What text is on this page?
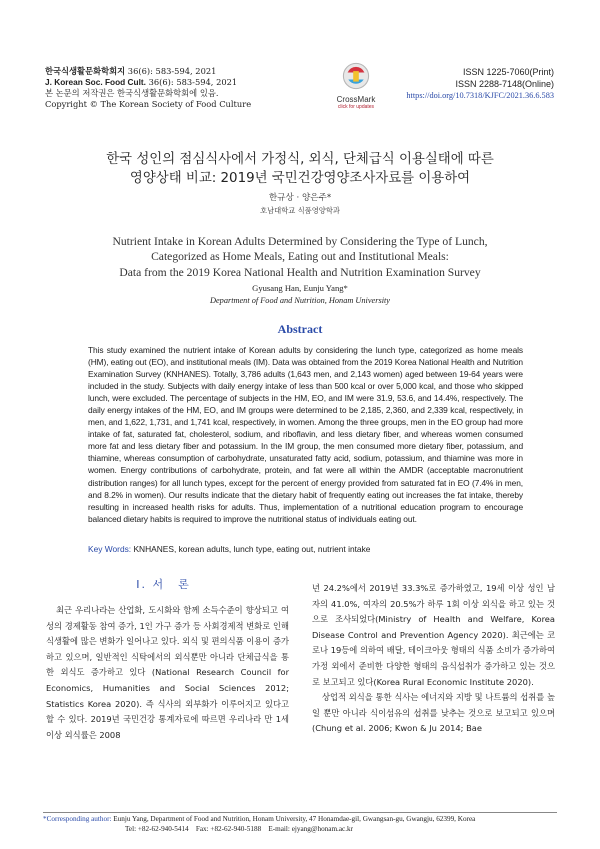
한국식생활문화학회지 36(6): 583-594, 2021
J. Korean Soc. Food Cult. 36(6): 583-594, 2021
본 논문의 저작권은 한국식생활문화학회에 있음.
Copyright © The Korean Society of Food Culture	CrossMark
click for updates
ISSN 1225-7060(Print)
ISSN 2288-7148(Online)
https://doi.org/10.7318/KJFC/2021.36.6.583
한국 성인의 점심식사에서 가정식, 외식, 단체급식 이용실태에 따른
영양상태 비교: 2019년 국민건강영양조사자료를 이용하여
한규상 · 양은주*
호남대학교 식품영양학과
Nutrient Intake in Korean Adults Determined by Considering the Type of Lunch,
Categorized as Home Meals, Eating out and Institutional Meals:
Data from the 2019 Korea National Health and Nutrition Examination Survey
Gyusang Han, Eunju Yang*
Department of Food and Nutrition, Honam University
Abstract
This study examined the nutrient intake of Korean adults by considering the lunch type, categorized as home meals (HM), eating out (EO), and institutional meals (IM). Data was obtained from the 2019 Korea National Health and Nutrition Examination Survey (KNHANES). Totally, 3,786 adults (1,643 men, and 2,143 women) aged between 19-64 years were included in the study. Subjects with daily energy intake of less than 500 kcal or over 5,000 kcal, and those who skipped lunch, were excluded. The percentage of subjects in the HM, EO, and IM were 31.9, 53.6, and 14.4%, respectively. The daily energy intakes of the HM, EO, and IM groups were determined to be 2,185, 2,360, and 2,339 kcal, respectively, in men, and 1,622, 1,731, and 1,741 kcal, respectively, in women. Among the three groups, men in the EO group had more intake of fat, saturated fat, cholesterol, sodium, and riboflavin, and less dietary fiber, and whereas women consumed more fat and less dietary fiber and potassium. In the IM group, the men consumed more dietary fiber, potassium, and thiamine, whereas consumption of carbohydrate, unsaturated fatty acid, sodium, potassium, and thiamine was more in women. Energy contributions of carbohydrate, protein, and fat were all within the AMDR (acceptable macronutrient distribution ranges) for all lunch types, except for the percent of energy provided from saturated fat in EO (7.4% in men, and 8.2% in women). Our results indicate that the dietary habit of frequently eating out increases the fat intake, thereby resulting in increased health risks for adults. Thus, implementation of a nutritional education program to encourage balanced dietary habits is required to improve the nutritional status of individuals eating out.
Key Words: KNHANES, korean adults, lunch type, eating out, nutrient intake
I. 서　론

최근 우리나라는 산업화, 도시화와 함께 소득수준이 향상되고 여성의 경제활동 참여 증가, 1인 가구 증가 등 사회경제적 변화로 인해 식생활에 많은 변화가 일어나고 있다. 외식 및 편의식품 이용이 증가하고 있으며, 일반적인 식탁에서의 외식뿐만 아니라 단체급식을 통한 외식도 증가하고 있다 (National Research Council for Economics, Humanities and Social Sciences 2012; Statistics Korea 2020). 즉 식사의 외부화가 이루어지고 있다고 할 수 있다. 2019년 국민건강 통계자료에 따르면 우리나라 만 1세 이상 외식률은 2008

년 24.2%에서 2019년 33.3%로 증가하였고, 19세 이상 성인 남자의 41.0%, 여자의 20.5%가 하루 1회 이상 외식을 하고 있는 것으로 조사되었다(Ministry of Health and Welfare, Korea Disease Control and Prevention Agency 2020). 최근에는 코로나 19등에 의하여 배달, 테이크아웃 형태의 식품 소비가 증가하여 가정 외에서 준비한 다양한 형태의 음식섭취가 증가하고 있는 것으로 보고되고 있다(Korea Rural Economic Institute 2020).

상업적 외식을 통한 식사는 에너지와 지방 및 나트륨의 섭취를 높일 뿐만 아니라 식이섬유의 섭취를 낮추는 것으로 보고되고 있으며(Chung et al. 2006; Kwon & Ju 2014; Bae

*Corresponding author: Eunju Yang, Department of Food and Nutrition, Honam University, 47 Honamdae-gil, Gwangsan-gu, Gwangju, 62399, Korea
Tel: +82-62-940-5414　Fax: +82-62-940-5188　E-mail: ejyang@honam.ac.kr
